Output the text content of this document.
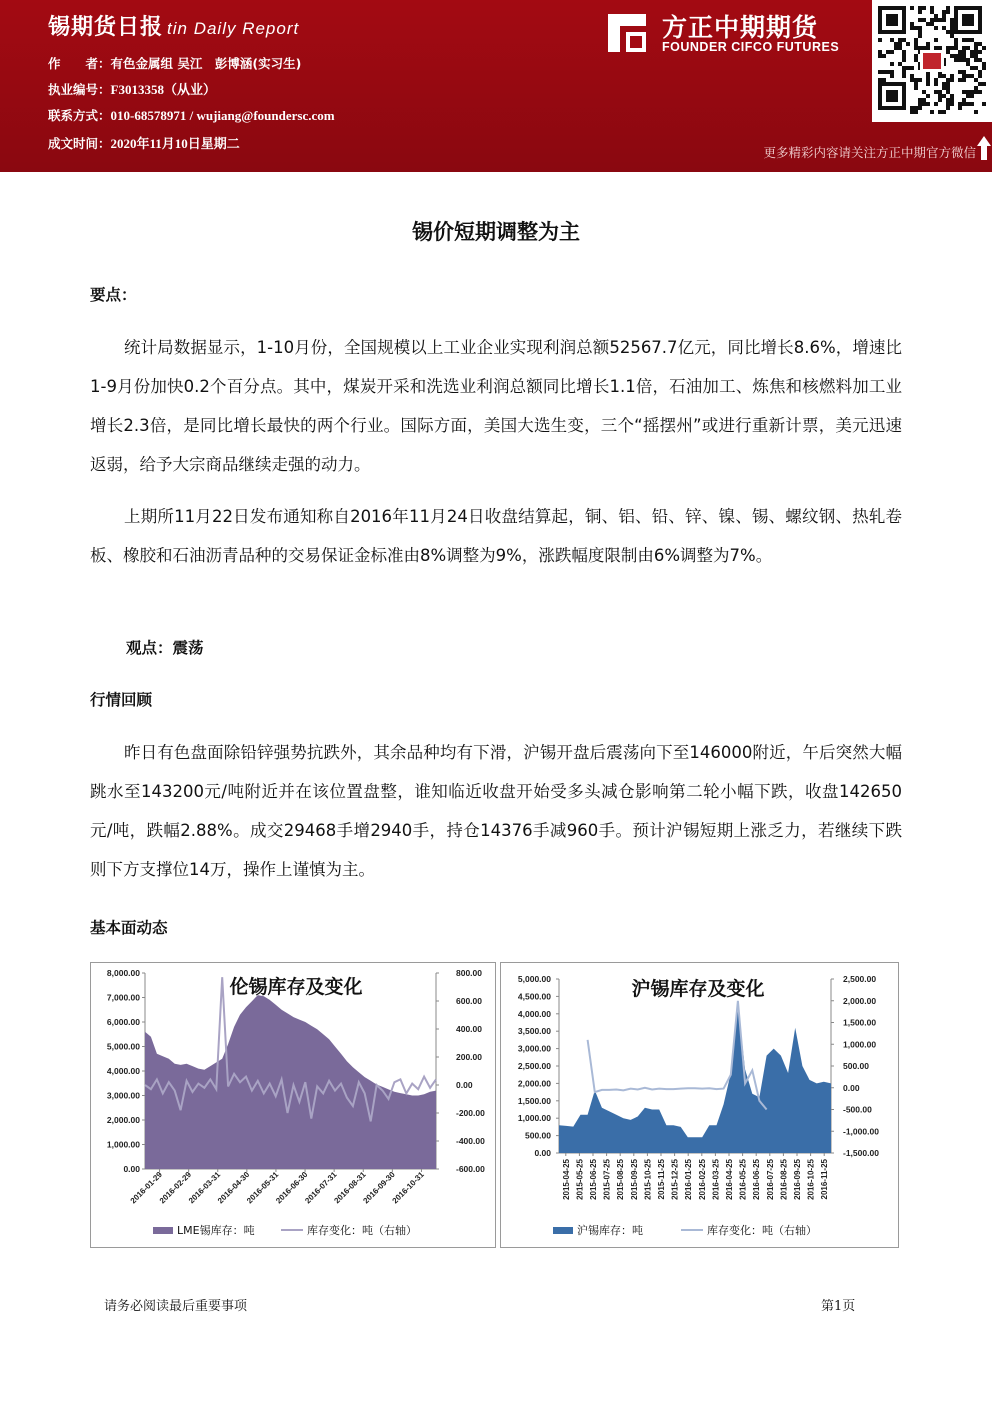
锡期货日报 tin Daily Report
作　　者：有色金属组 吴江　彭博涵(实习生)
执业编号：F3013358（从业）
联系方式：010-68578971 / wujiang@foundersc.com
成文时间：2020年11月10日星期二
方正中期期货
FOUNDER CIFCO FUTURES
更多精彩内容请关注方正中期官方微信
锡价短期调整为主
要点：

统计局数据显示，1-10月份，全国规模以上工业企业实现利润总额52567.7亿元，同比增长8.6%，增速比1-9月份加快0.2个百分点。其中，煤炭开采和洗选业利润总额同比增长1.1倍，石油加工、炼焦和核燃料加工业增长2.3倍，是同比增长最快的两个行业。国际方面，美国大选生变，三个“摇摆州”或进行重新计票，美元迅速返弱，给予大宗商品继续走强的动力。

上期所11月22日发布通知称自2016年11月24日收盘结算起，铜、铝、铅、锌、镍、锡、螺纹钢、热轧卷板、橡胶和石油沥青品种的交易保证金标准由8%调整为9%，涨跌幅度限制由6%调整为7%。

观点：震荡
行情回顾

昨日有色盘面除铅锌强势抗跌外，其余品种均有下滑，沪锡开盘后震荡向下至146000附近，午后突然大幅跳水至143200元/吨附近并在该位置盘整，谁知临近收盘开始受多头减仓影响第二轮小幅下跌，收盘142650元/吨，跌幅2.88%。成交29468手增2940手，持仓14376手减960手。预计沪锡短期上涨乏力，若继续下跌则下方支撑位14万，操作上谨慎为主。

基本面动态
8,000.00
7,000.00
6,000.00
5,000.00
4,000.00
3,000.00
2,000.00
1,000.00
0.00
800.00
600.00
400.00
200.00
0.00
-200.00
-400.00
-600.00
伦锡库存及变化
2016-01-29
2016-02-29
2016-03-31
2016-04-30
2016-05-31
2016-06-30
2016-07-31
2016-08-31
2016-09-30
2016-10-31
LME锡库存：吨	库存变化：吨（右轴）
5,000.00
4,500.00
4,000.00
3,500.00
3,000.00
2,500.00
2,000.00
1,500.00
1,000.00
500.00
0.00
2,500.00
2,000.00
1,500.00
1,000.00
500.00
0.00
-500.00
-1,000.00
-1,500.00
沪锡库存及变化
2015-04-25 2015-05-25 2015-06-25 2015-07-25 2015-08-25 2015-09-25 2015-10-25 2015-11-25 2015-12-25 2016-01-25 2016-02-25 2016-03-25 2016-04-25 2016-05-25 2016-06-25 2016-07-25 2016-08-25 2016-09-25 2016-10-25 2016-11-25
沪锡库存：吨	库存变化：吨（右轴）
请务必阅读最后重要事项	第1页
